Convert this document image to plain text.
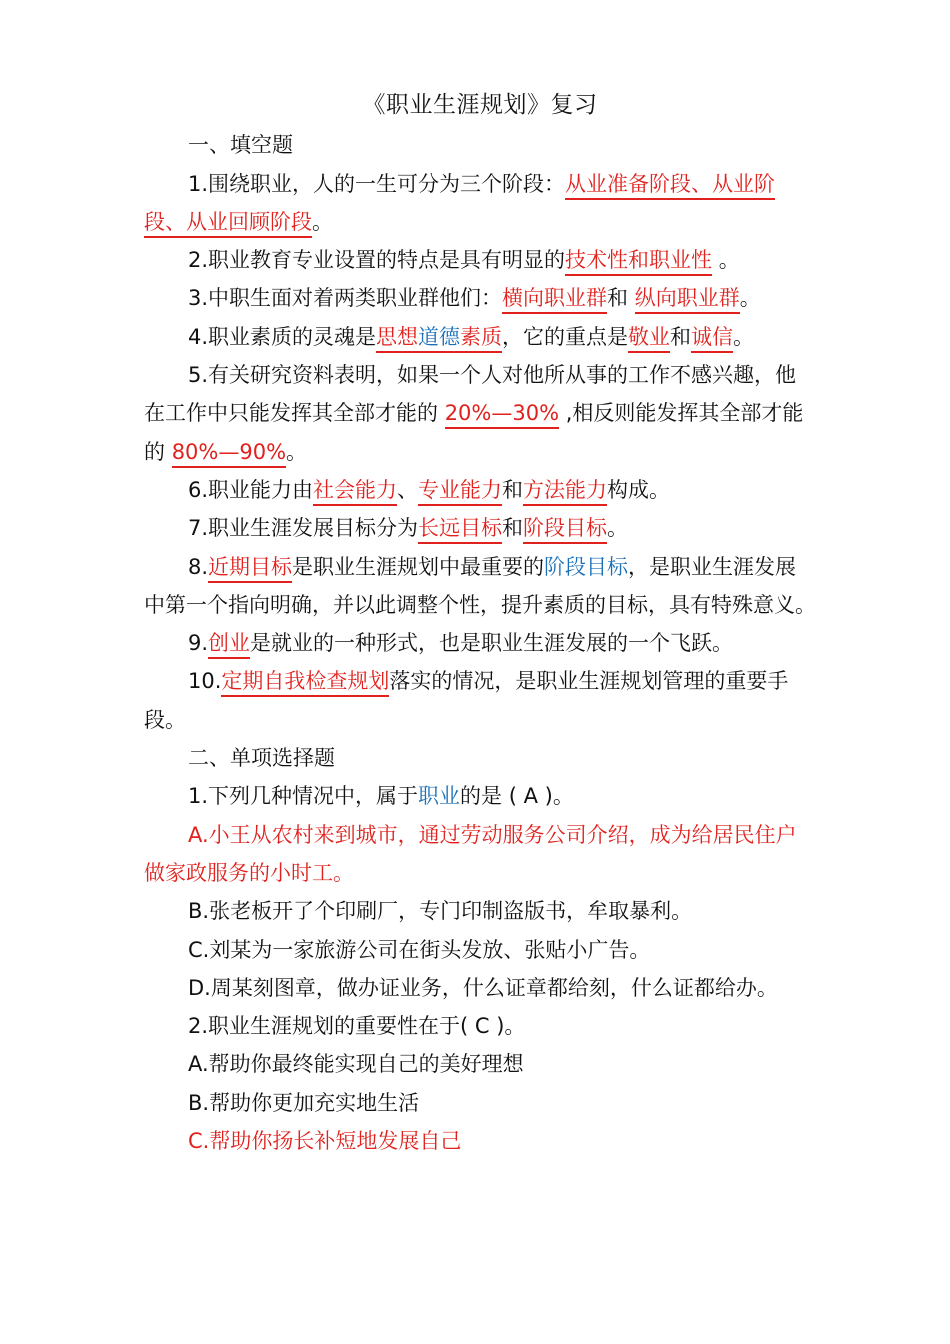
《职业生涯规划》复习

一、填空题

1.围绕职业，人的一生可分为三个阶段：从业准备阶段、从业阶段、从业回顾阶段。

2.职业教育专业设置的特点是具有明显的技术性和职业性 。

3.中职生面对着两类职业群他们：横向职业群和 纵向职业群。

4.职业素质的灵魂是思想道德素质，它的重点是敬业和诚信。

5.有关研究资料表明，如果一个人对他所从事的工作不感兴趣，他在工作中只能发挥其全部才能的 20%—30% ,相反则能发挥其全部才能的 80%—90%。

6.职业能力由社会能力、专业能力和方法能力构成。

7.职业生涯发展目标分为长远目标和阶段目标。

8.近期目标是职业生涯规划中最重要的阶段目标，是职业生涯发展中第一个指向明确，并以此调整个性，提升素质的目标，具有特殊意义。

9.创业是就业的一种形式，也是职业生涯发展的一个飞跃。

10.定期自我检查规划落实的情况，是职业生涯规划管理的重要手段。

二、单项选择题

1.下列几种情况中，属于职业的是 ( A )。

A.小王从农村来到城市，通过劳动服务公司介绍，成为给居民住户做家政服务的小时工。

B.张老板开了个印刷厂，专门印制盗版书，牟取暴利。

C.刘某为一家旅游公司在街头发放、张贴小广告。

D.周某刻图章，做办证业务，什么证章都给刻，什么证都给办。

2.职业生涯规划的重要性在于( C )。

A.帮助你最终能实现自己的美好理想

B.帮助你更加充实地生活

C.帮助你扬长补短地发展自己
